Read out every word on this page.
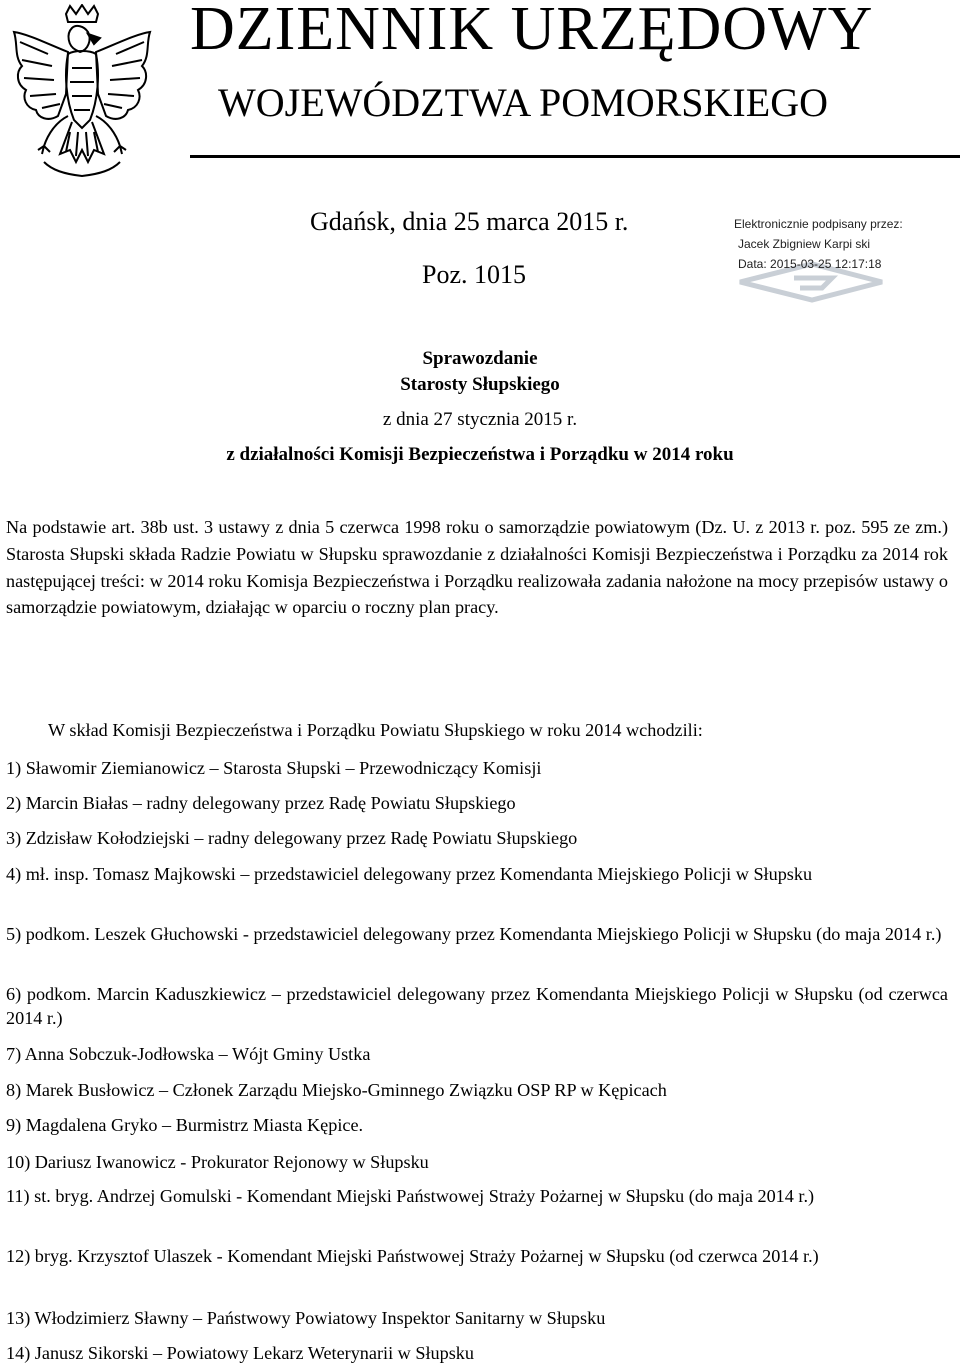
DZIENNIK URZĘDOWY
WOJEWÓDZTWA POMORSKIEGO
Gdańsk, dnia 25 marca 2015 r.
Poz. 1015
Elektronicznie podpisany przez:
Jacek Zbigniew Karpi ski
Data: 2015-03-25 12:17:18
Sprawozdanie
Starosty Słupskiego
z dnia 27 stycznia 2015 r.
z działalności Komisji Bezpieczeństwa i Porządku w 2014 roku
Na podstawie art. 38b ust. 3 ustawy z dnia 5 czerwca 1998 roku o samorządzie powiatowym (Dz. U. z 2013 r. poz. 595 ze zm.) Starosta Słupski składa Radzie Powiatu w Słupsku sprawozdanie z działalności Komisji Bezpieczeństwa i Porządku za 2014 rok następującej treści: w 2014 roku Komisja Bezpieczeństwa i Porządku realizowała zadania nałożone na mocy przepisów ustawy o samorządzie powiatowym, działając w oparciu o roczny plan pracy.
W skład Komisji Bezpieczeństwa i Porządku Powiatu Słupskiego w roku 2014 wchodzili:
1) Sławomir Ziemianowicz – Starosta Słupski – Przewodniczący Komisji
2) Marcin Białas – radny delegowany przez Radę Powiatu Słupskiego
3) Zdzisław Kołodziejski – radny delegowany przez Radę Powiatu Słupskiego
4) mł. insp. Tomasz Majkowski – przedstawiciel delegowany przez Komendanta Miejskiego Policji w Słupsku
5) podkom. Leszek Głuchowski - przedstawiciel delegowany przez Komendanta Miejskiego Policji w Słupsku (do maja 2014 r.)
6) podkom. Marcin Kaduszkiewicz – przedstawiciel delegowany przez Komendanta Miejskiego Policji w Słupsku (od czerwca 2014 r.)
7) Anna Sobczuk-Jodłowska – Wójt Gminy Ustka
8) Marek Busłowicz – Członek Zarządu Miejsko-Gminnego Związku OSP RP w Kępicach
9) Magdalena Gryko – Burmistrz Miasta Kępice.
10) Dariusz Iwanowicz - Prokurator Rejonowy w Słupsku
11) st. bryg. Andrzej Gomulski - Komendant Miejski Państwowej Straży Pożarnej w Słupsku (do maja 2014 r.)
12) bryg. Krzysztof Ulaszek - Komendant Miejski Państwowej Straży Pożarnej w Słupsku (od czerwca 2014 r.)
13) Włodzimierz Sławny – Państwowy Powiatowy Inspektor Sanitarny w Słupsku
14) Janusz Sikorski – Powiatowy Lekarz Weterynarii w Słupsku
